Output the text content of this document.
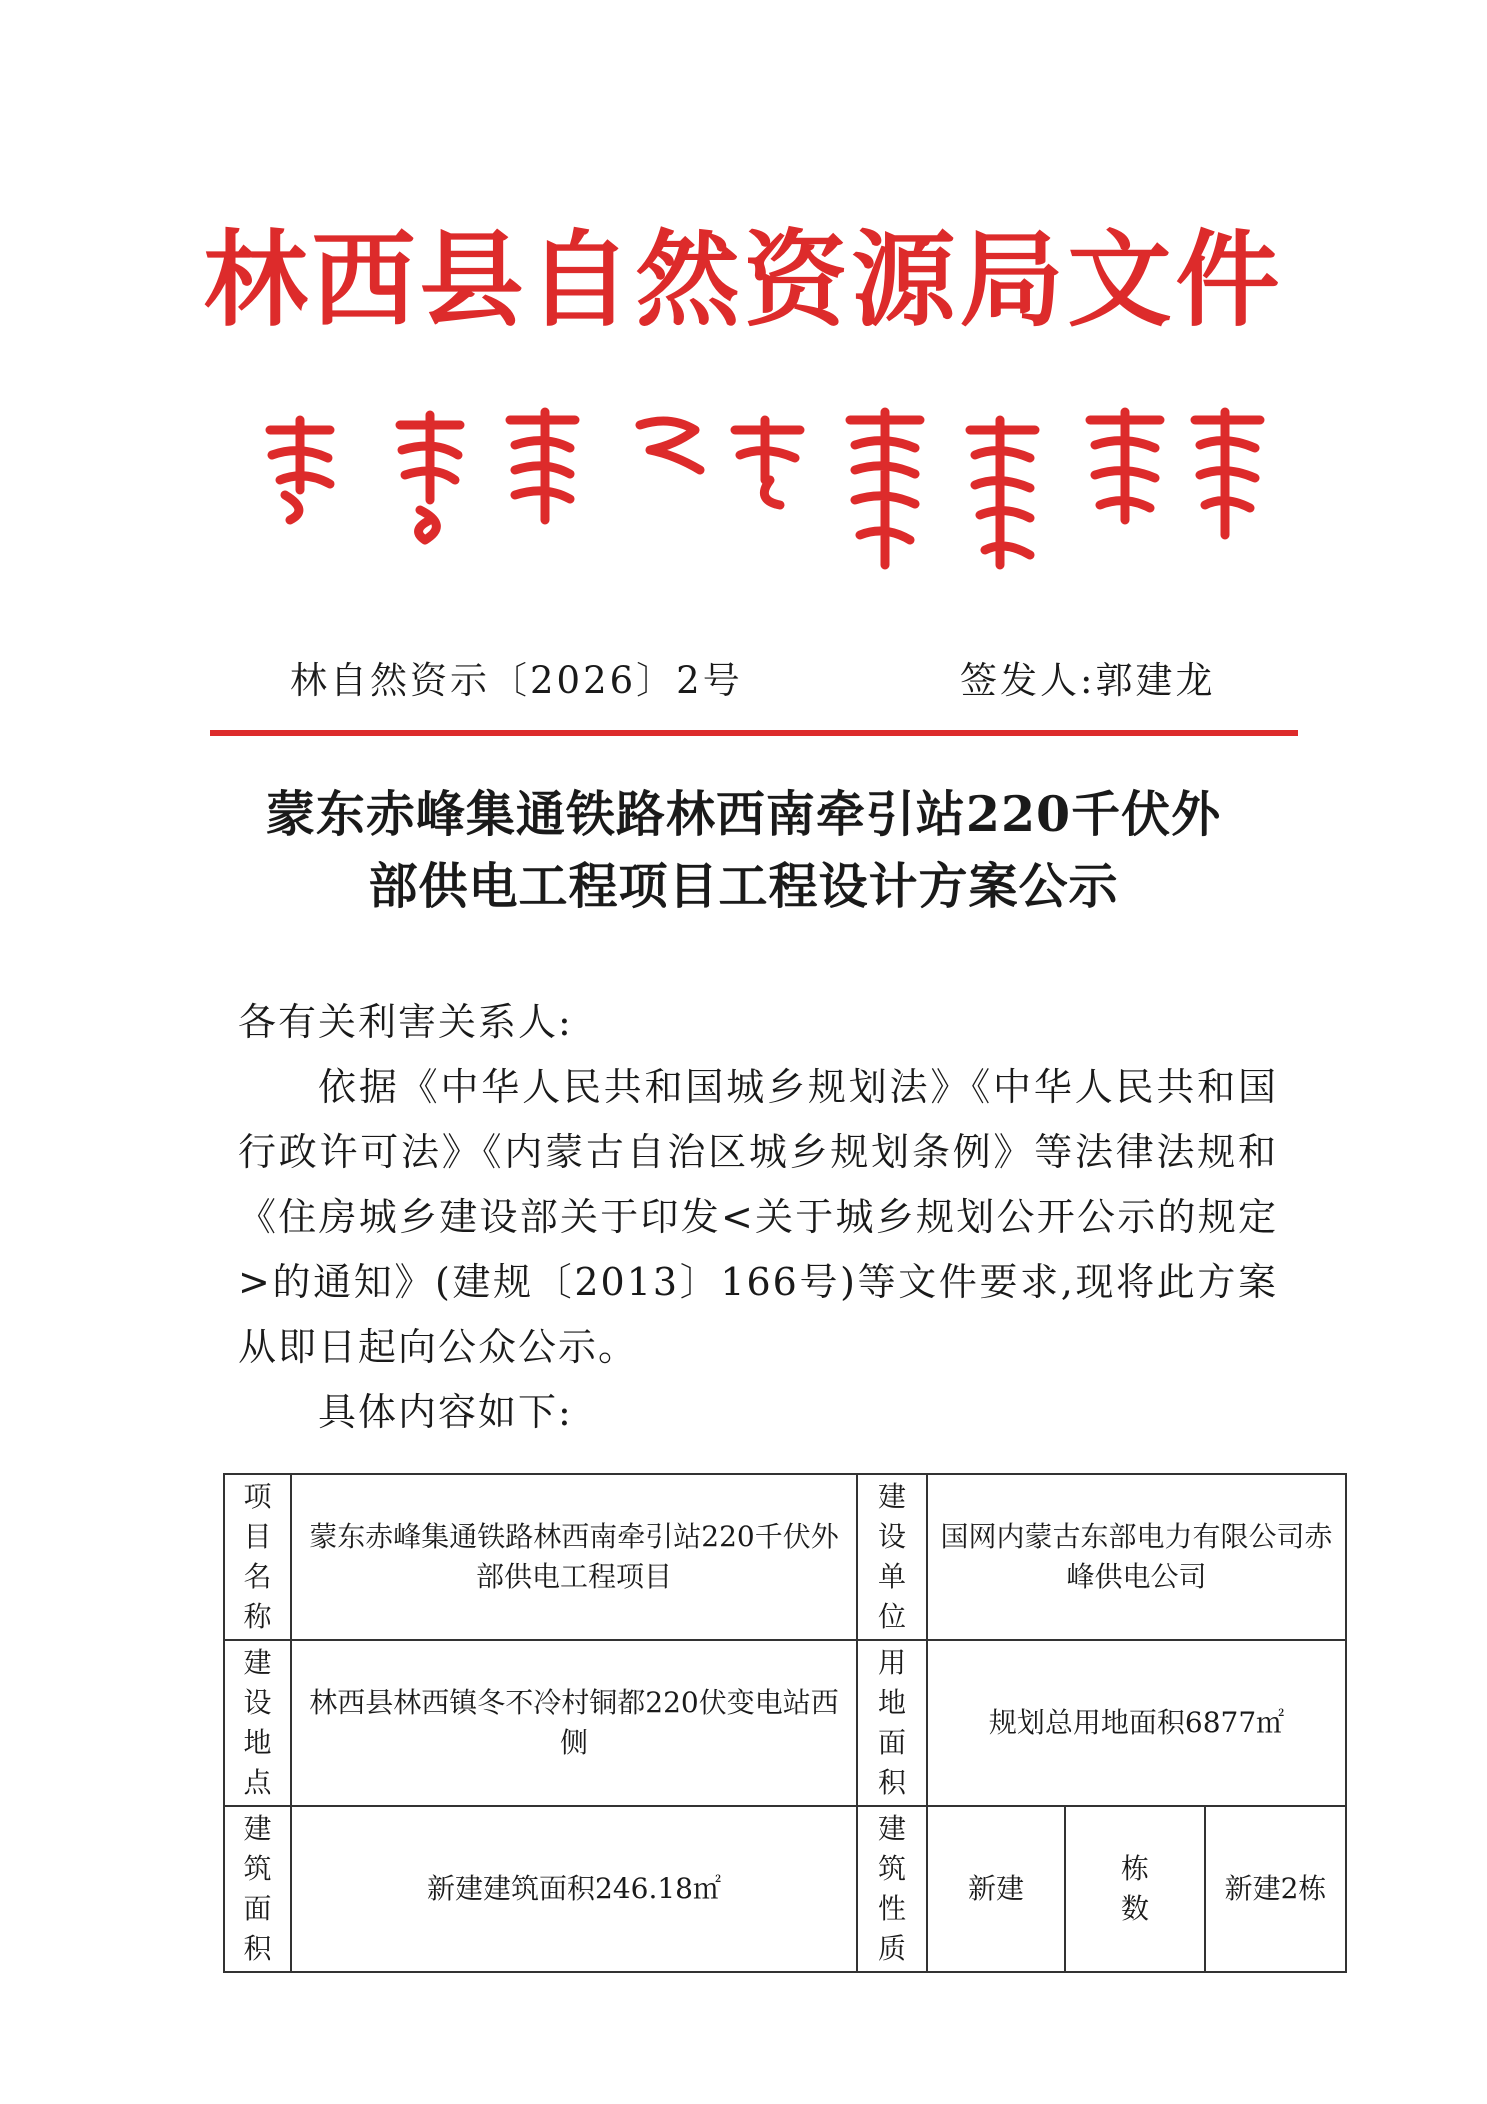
林西县自然资源局文件
林自然资示〔2026〕2号	签发人:郭建龙
蒙东赤峰集通铁路林西南牵引站220千伏外
部供电工程项目工程设计方案公示
各有关利害关系人:
依据《中华人民共和国城乡规划法》《中华人民共和国行政许可法》《内蒙古自治区城乡规划条例》等法律法规和《住房城乡建设部关于印发<关于城乡规划公开公示的规定>的通知》(建规〔2013〕166号)等文件要求,现将此方案从即日起向公众公示。
具体内容如下:
项目名称	蒙东赤峰集通铁路林西南牵引站220千伏外部供电工程项目	建设单位	国网内蒙古东部电力有限公司赤峰供电公司		
建设地点	林西县林西镇冬不冷村铜都220伏变电站西侧	用地面积	规划总用地面积6877㎡		
建筑面积	新建建筑面积246.18㎡	建筑性质	新建	栋数	新建2栋
